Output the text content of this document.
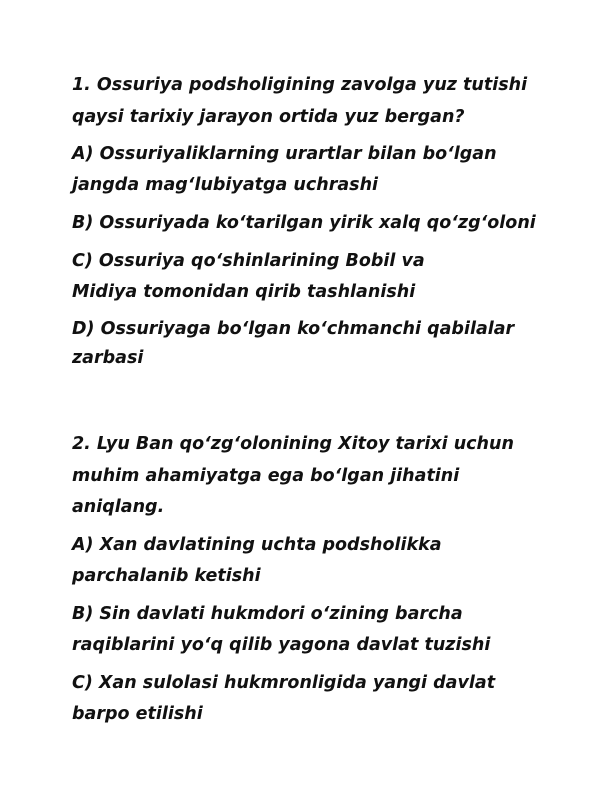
1. Ossuriya podsholigining zavolga yuz tutishi
qaysi tarixiy jarayon ortida yuz bergan?
A) Ossuriyaliklarning urartlar bilan bo‘lgan
jangda mag‘lubiyatga uchrashi
B) Ossuriyada ko‘tarilgan yirik xalq qo‘zg‘oloni
C) Ossuriya qo‘shinlarining Bobil va
Midiya tomonidan qirib tashlanishi
D) Ossuriyaga bo‘lgan ko‘chmanchi qabilalar
zarbasi
2. Lyu Ban qo‘zg‘olonining Xitoy tarixi uchun
muhim ahamiyatga ega bo‘lgan jihatini
aniqlang.
A) Xan davlatining uchta podsholikka
parchalanib ketishi
B) Sin davlati hukmdori o‘zining barcha
raqiblarini yo‘q qilib yagona davlat tuzishi
C) Xan sulolasi hukmronligida yangi davlat
barpo etilishi
